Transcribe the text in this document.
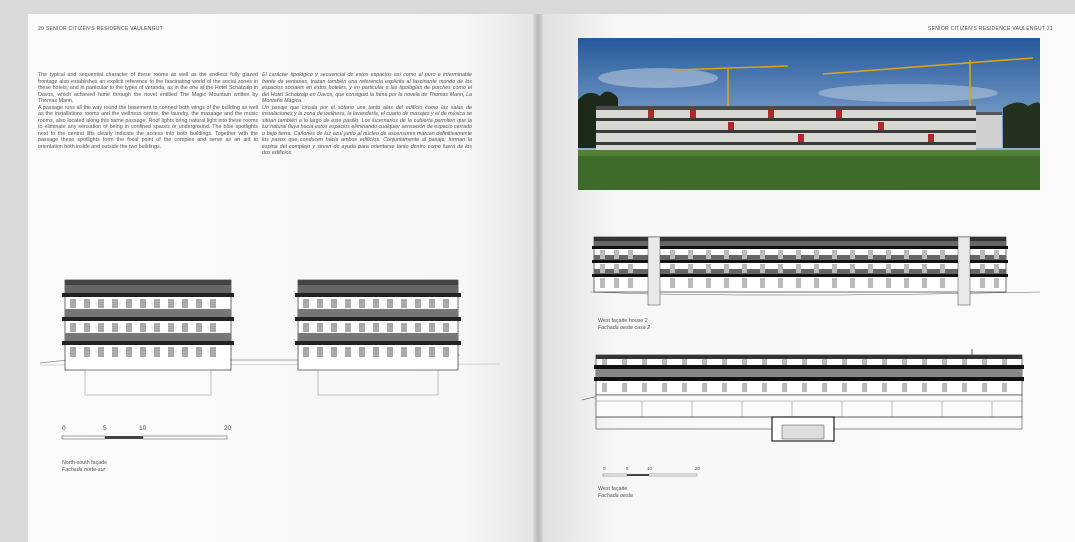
20 SENIOR CITIZEN'S RESIDENCE VAULENGUT

The typical and sequential character of these rooms as well as the endless fully glazed frontage also establishes an explicit reference to the fascinating world of the social zones in these hotels, and in particular to the types of veranda, as in the one at the Hotel Schatzalp in Davos, which achieved fame through the novel entitled The Magic Mountain written by Thomas Mann.

A passage runs all the way round the basement to connect both wings of the building as well as the installations rooms and the wellness centre, the laundry, the massage and the music rooms, also located along this same passage. Roof lights bring natural light into these rooms to eliminate any sensation of being in confined spaces or underground. The blue spotlights next to the central lifts clearly indicate the access into both buildings. Together with the passage these spotlights form the focal point of the complex and serve as an aid to orientation both inside and outside the two buildings.

El carácter tipológico y secuencial de estos espacios así como el puro e interminable frente de ventanas, trazan también una referencia explícita al fascinante mundo de los espacios sociales en estos hoteles, y en particular a las tipologías de porches como el del Hotel Schatzalp en Davos, que consiguió la fama por la novela de Thomas Mann, La Montaña Mágica.

Un pasaje que circula por el sótano une tanto alas del edificio como las salas de instalaciones y la zona de wellness, la lavandería, el cuarto de masajes y el de música se sitúan también a lo largo de este pasillo. Los lucernarios de la cubierta permiten que la luz natural fluya hacia estos espacios eliminando cualquier sensación de espacio cerrado o bajo tierra. Cañones de luz azul junto al núcleo de ascensores marcan definitivamente los pasos que conducen hacia ambos edificios. Conjuntamente al pasaje, forman la espina del complejo y sirven de ayuda para orientarse tanto dentro como fuera de los dos edificios.

0	5	10	20
North-south façade
Fachada norte-sur
SENIOR CITIZEN'S RESIDENCE VAULENGUT 21
West façade house 2
Fachada oeste casa 2
0	5	10	20
West façade
Fachada oeste
